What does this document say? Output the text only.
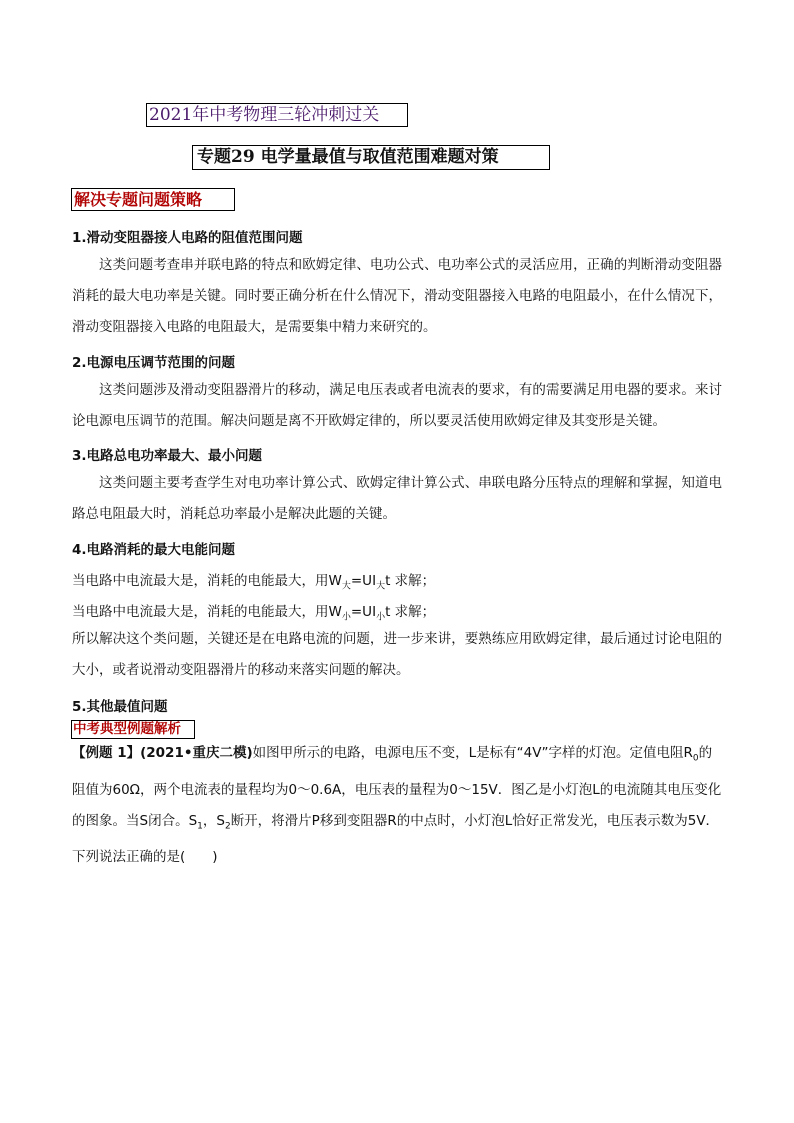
2021年中考物理三轮冲刺过关
专题29 电学量最值与取值范围难题对策
解决专题问题策略
1.滑动变阻器接人电路的阻值范围问题
这类问题考查串并联电路的特点和欧姆定律、电功公式、电功率公式的灵活应用，正确的判断滑动变阻器消耗的最大电功率是关键。同时要正确分析在什么情况下，滑动变阻器接入电路的电阻最小，在什么情况下，滑动变阻器接入电路的电阻最大，是需要集中精力来研究的。
2.电源电压调节范围的问题
这类问题涉及滑动变阻器滑片的移动，满足电压表或者电流表的要求，有的需要满足用电器的要求。来讨论电源电压调节的范围。解决问题是离不开欧姆定律的，所以要灵活使用欧姆定律及其变形是关键。
3.电路总电功率最大、最小问题
这类问题主要考查学生对电功率计算公式、欧姆定律计算公式、串联电路分压特点的理解和掌握，知道电路总电阻最大时，消耗总功率最小是解决此题的关键。
4.电路消耗的最大电能问题
当电路中电流最大是，消耗的电能最大，用$W_大=UI_大t$ 求解；
当电路中电流最大是，消耗的电能最大，用$W_小=UI_小t$ 求解；
所以解决这个类问题，关键还是在电路电流的问题，进一步来讲，要熟练应用欧姆定律，最后通过讨论电阻的大小，或者说滑动变阻器滑片的移动来落实问题的解决。
5.其他最值问题
中考典型例题解析
【例题 1】(2021•重庆二模)如图甲所示的电路，电源电压不变，L是标有“4V”字样的灯泡。定值电阻$R_0$的阻值为60Ω，两个电流表的量程均为0～0.6A，电压表的量程为0～15V．图乙是小灯泡L的电流随其电压变化的图象。当S闭合。$S_1$，$S_2$断开，将滑片P移到变阻器R的中点时，小灯泡L恰好正常发光，电压表示数为5V．下列说法正确的是(　　)
